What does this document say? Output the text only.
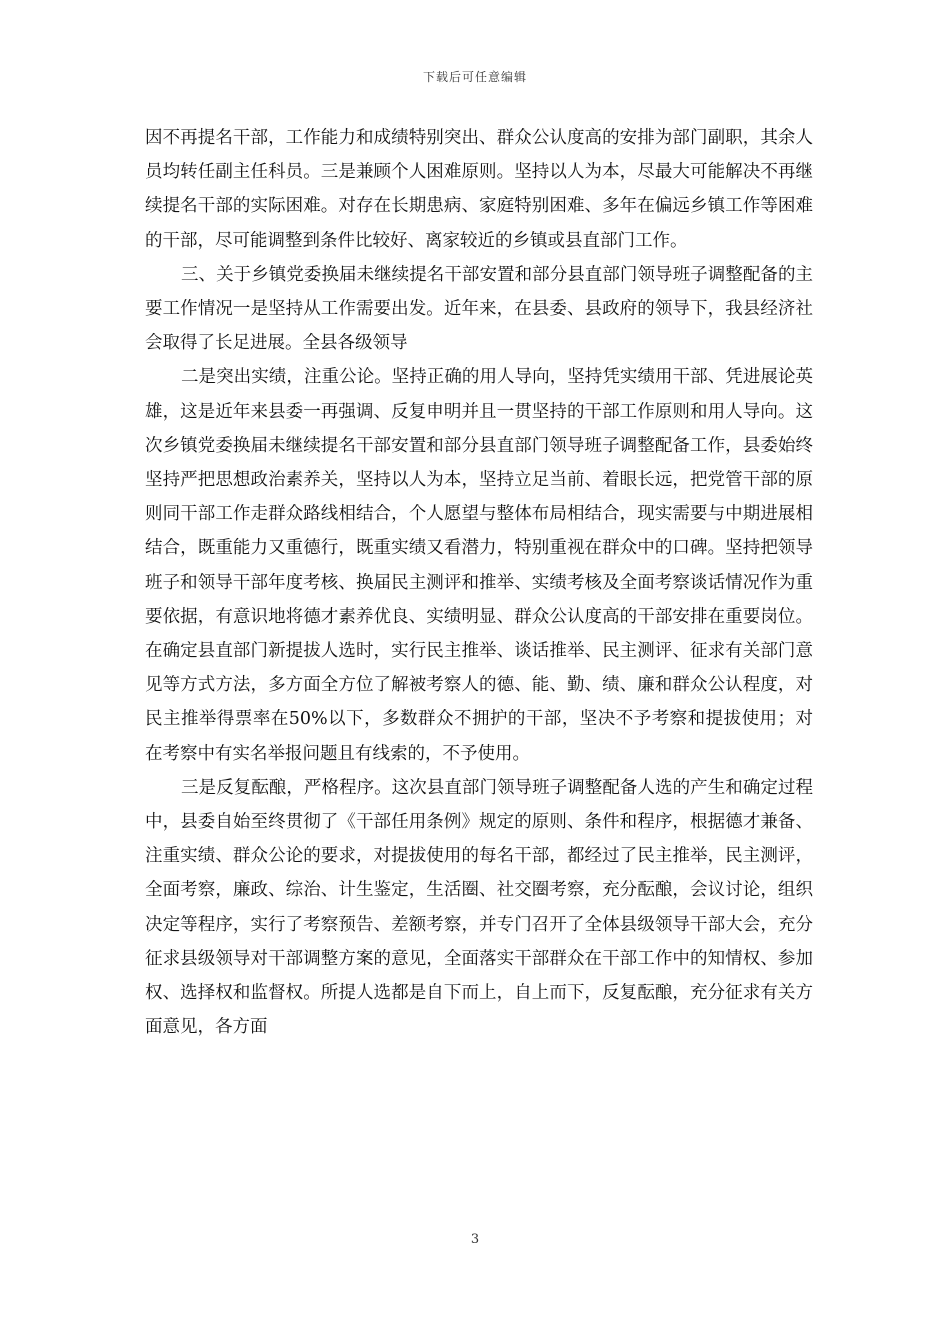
下载后可任意编辑

因不再提名干部，工作能力和成绩特别突出、群众公认度高的安排为部门副职，其余人员均转任副主任科员。三是兼顾个人困难原则。坚持以人为本，尽最大可能解决不再继续提名干部的实际困难。对存在长期患病、家庭特别困难、多年在偏远乡镇工作等困难的干部，尽可能调整到条件比较好、离家较近的乡镇或县直部门工作。

三、关于乡镇党委换届未继续提名干部安置和部分县直部门领导班子调整配备的主要工作情况一是坚持从工作需要出发。近年来，在县委、县政府的领导下，我县经济社会取得了长足进展。全县各级领导

二是突出实绩，注重公论。坚持正确的用人导向，坚持凭实绩用干部、凭进展论英雄，这是近年来县委一再强调、反复申明并且一贯坚持的干部工作原则和用人导向。这次乡镇党委换届未继续提名干部安置和部分县直部门领导班子调整配备工作，县委始终坚持严把思想政治素养关，坚持以人为本，坚持立足当前、着眼长远，把党管干部的原则同干部工作走群众路线相结合，个人愿望与整体布局相结合，现实需要与中期进展相结合，既重能力又重德行，既重实绩又看潜力，特别重视在群众中的口碑。坚持把领导班子和领导干部年度考核、换届民主测评和推举、实绩考核及全面考察谈话情况作为重要依据，有意识地将德才素养优良、实绩明显、群众公认度高的干部安排在重要岗位。在确定县直部门新提拔人选时，实行民主推举、谈话推举、民主测评、征求有关部门意见等方式方法，多方面全方位了解被考察人的德、能、勤、绩、廉和群众公认程度，对民主推举得票率在50%以下，多数群众不拥护的干部，坚决不予考察和提拔使用；对在考察中有实名举报问题且有线索的，不予使用。

三是反复酝酿，严格程序。这次县直部门领导班子调整配备人选的产生和确定过程中，县委自始至终贯彻了《干部任用条例》规定的原则、条件和程序，根据德才兼备、注重实绩、群众公论的要求，对提拔使用的每名干部，都经过了民主推举，民主测评，全面考察，廉政、综治、计生鉴定，生活圈、社交圈考察，充分酝酿，会议讨论，组织决定等程序，实行了考察预告、差额考察，并专门召开了全体县级领导干部大会，充分征求县级领导对干部调整方案的意见，全面落实干部群众在干部工作中的知情权、参加权、选择权和监督权。所提人选都是自下而上，自上而下，反复酝酿，充分征求有关方面意见，各方面

3
